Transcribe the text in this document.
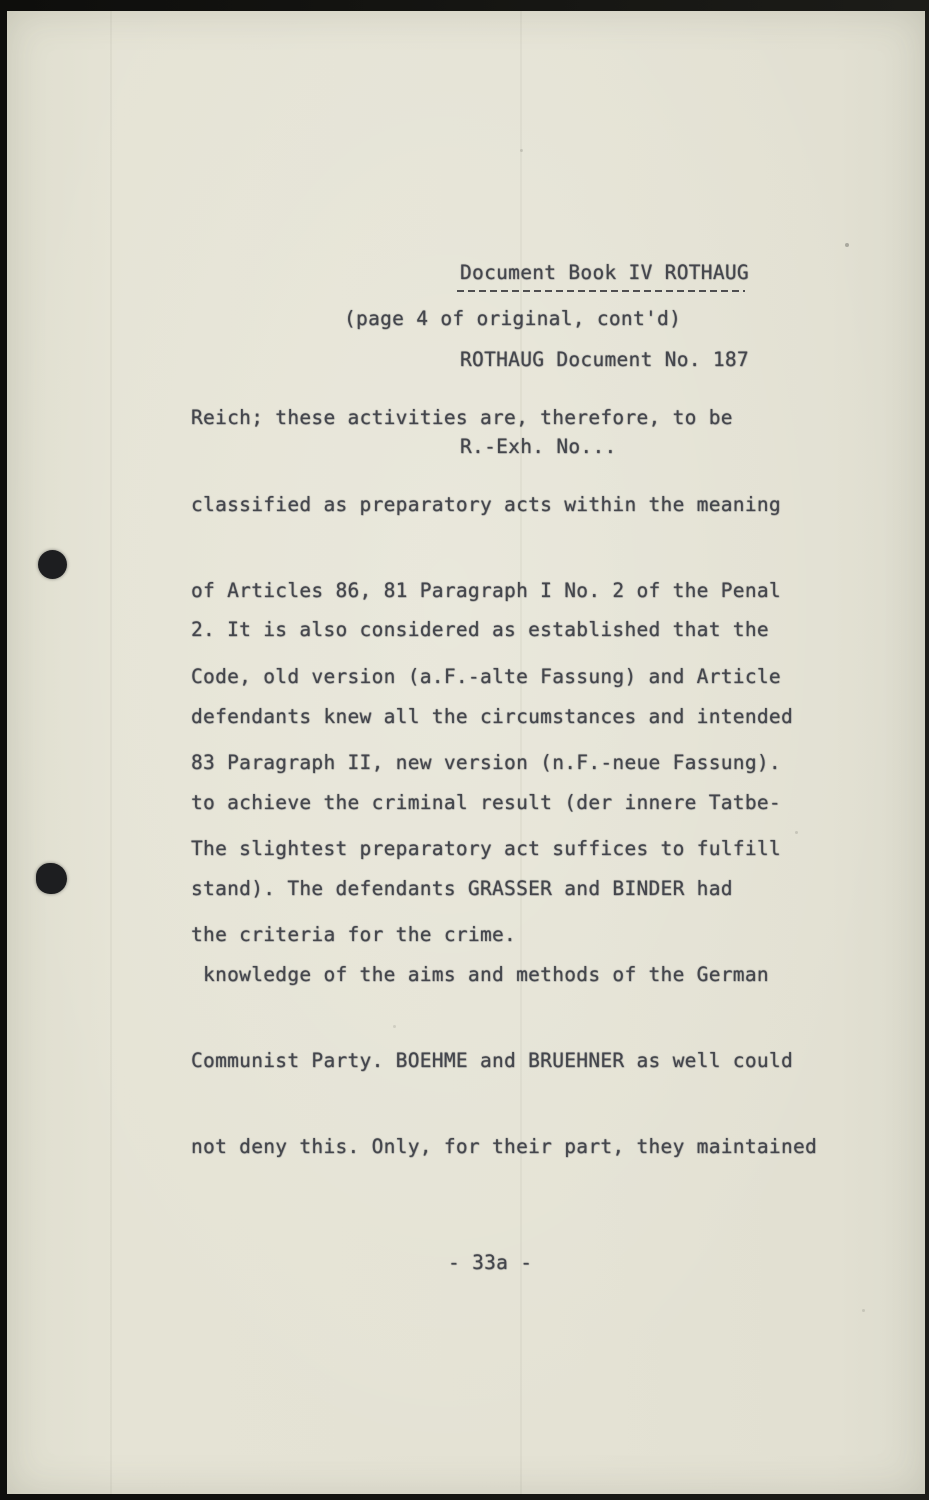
Document Book IV ROTHAUG

ROTHAUG Document No. 187

R.-Exh. No...

(page 4 of original, cont'd)

Reich; these activities are, therefore, to be

classified as preparatory acts within the meaning

of Articles 86, 81 Paragraph I No. 2 of the Penal

Code, old version (a.F.-alte Fassung) and Article

83 Paragraph II, new version (n.F.-neue Fassung).

The slightest preparatory act suffices to fulfill

the criteria for the crime.

2. It is also considered as established that the

defendants knew all the circumstances and intended

to achieve the criminal result (der innere Tatbe-

stand). The defendants GRASSER and BINDER had

knowledge of the aims and methods of the German

Communist Party. BOEHME and BRUEHNER as well could

not deny this. Only, for their part, they maintained

- 33a -
